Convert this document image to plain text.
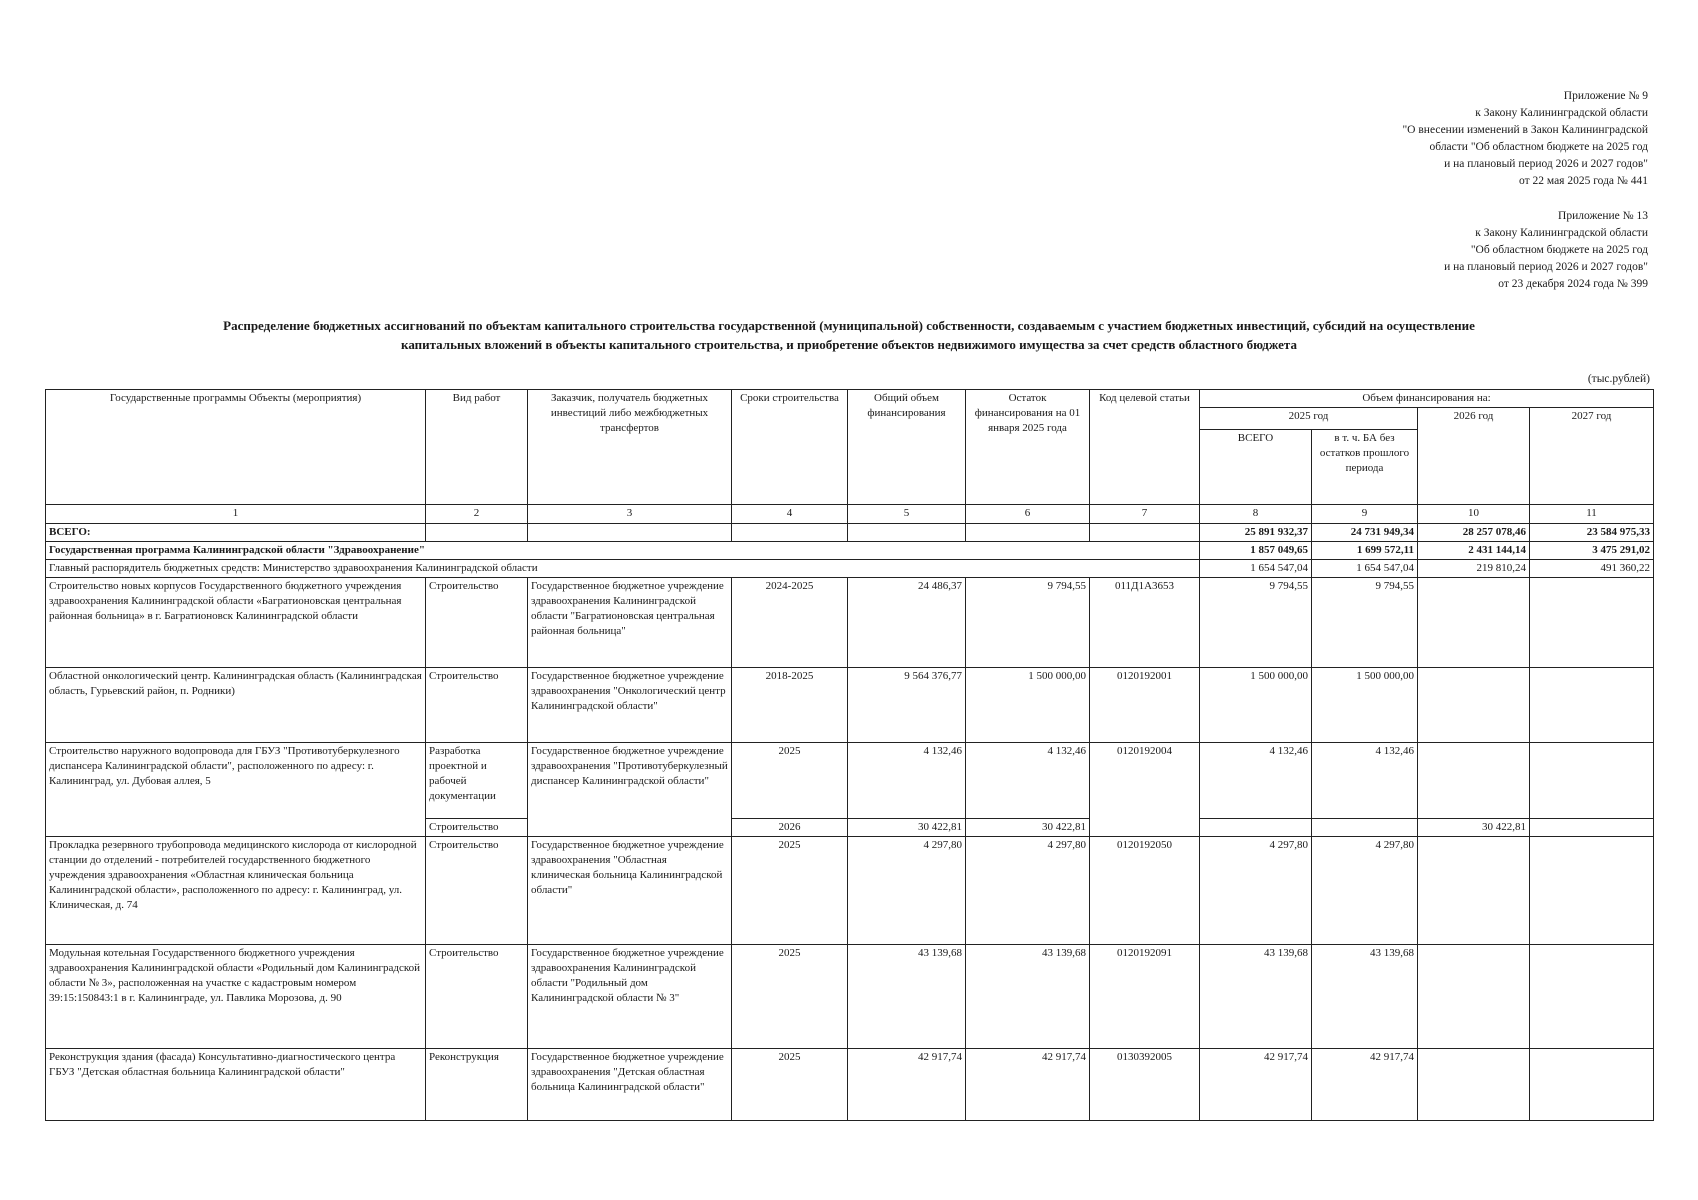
Приложение № 9
к Закону Калининградской области
"О внесении изменений в Закон Калининградской
области "Об областном бюджете на 2025 год
и на плановый период 2026 и 2027 годов"
от 22 мая 2025 года № 441
Приложение № 13
к Закону Калининградской области
"Об областном бюджете на 2025 год
и на плановый период 2026 и 2027 годов"
от 23 декабря 2024 года № 399
Распределение бюджетных ассигнований по объектам капитального строительства государственной (муниципальной) собственности, создаваемым с участием бюджетных инвестиций, субсидий на осуществление
капитальных вложений в объекты капитального строительства, и приобретение объектов недвижимого имущества за счет средств областного бюджета
(тыс.рублей)
Государственные программы Объекты (мероприятия)	Вид работ	Заказчик, получатель бюджетных инвестиций либо межбюджетных трансфертов	Сроки строительства	Общий объем финансирования	Остаток финансирования на 01 января 2025 года	Код целевой статьи	Объем финансирования на:			
							2025 год		2026 год	2027 год
							ВСЕГО	в т. ч. БА без остатков прошлого периода		
1	2	3	4	5	6	7	8	9	10	11
ВСЕГО:							25 891 932,37	24 731 949,34	28 257 078,46	23 584 975,33
Государственная программа Калининградской области "Здравоохранение"							1 857 049,65	1 699 572,11	2 431 144,14	3 475 291,02
Главный распорядитель бюджетных средств: Министерство здравоохранения Калининградской области							1 654 547,04	1 654 547,04	219 810,24	491 360,22
Строительство новых корпусов Государственного бюджетного учреждения здравоохранения Калининградской области «Багратионовская центральная районная больница» в г. Багратионовск Калининградской области	Строительство	Государственное бюджетное учреждение здравоохранения Калининградской области "Багратионовская центральная районная больница"	2024-2025	24 486,37	9 794,55	011Д1А3653	9 794,55	9 794,55		
Областной онкологический центр. Калининградская область (Калининградская область, Гурьевский район, п. Родники)	Строительство	Государственное бюджетное учреждение здравоохранения "Онкологический центр Калининградской области"	2018-2025	9 564 376,77	1 500 000,00	0120192001	1 500 000,00	1 500 000,00		
Строительство наружного водопровода для ГБУЗ "Противотуберкулезного диспансера Калининградской области", расположенного по адресу: г. Калининград, ул. Дубовая аллея, 5	Разработка проектной и рабочей документации	Государственное бюджетное учреждение здравоохранения "Противотуберкулезный диспансер Калининградской области"	2025	4 132,46	4 132,46	0120192004	4 132,46	4 132,46		
	Строительство		2026	30 422,81	30 422,81				30 422,81	
Прокладка резервного трубопровода медицинского кислорода от кислородной станции до отделений - потребителей государственного бюджетного учреждения здравоохранения «Областная клиническая больница Калининградской области», расположенного по адресу: г. Калининград, ул. Клиническая, д. 74	Строительство	Государственное бюджетное учреждение здравоохранения "Областная клиническая больница Калининградской области"	2025	4 297,80	4 297,80	0120192050	4 297,80	4 297,80		
Модульная котельная Государственного бюджетного учреждения здравоохранения Калининградской области «Родильный дом Калининградской области № 3», расположенная на участке с кадастровым номером 39:15:150843:1 в г. Калининграде, ул. Павлика Морозова, д. 90	Строительство	Государственное бюджетное учреждение здравоохранения Калининградской области "Родильный дом Калининградской области № 3"	2025	43 139,68	43 139,68	0120192091	43 139,68	43 139,68		
Реконструкция здания (фасада) Консультативно-диагностического центра ГБУЗ "Детская областная больница Калининградской области"	Реконструкция	Государственное бюджетное учреждение здравоохранения "Детская областная больница Калининградской области"	2025	42 917,74	42 917,74	0130392005	42 917,74	42 917,74		
